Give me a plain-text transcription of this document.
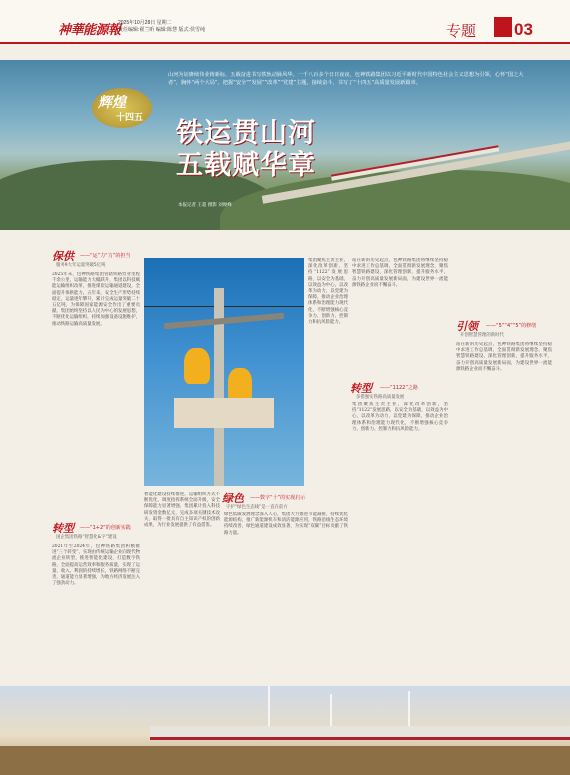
神華能源報
2025年10月28日 星期二
责任编辑:翟兰昕 编辑:陈慧 版式:侯雪纯	专题 03
辉煌
十四五
山河为证赓续伟业铸新标，五载奋进书写铁轨动脉风华。一千八百多个日日夜夜，包神铁路集团以习近平新时代中国特色社会主义思想为引领，心怀“国之大者”，胸怀“两个大局”，把握“安全”“发展”“改革”“党建”主题，接续奋斗，书写了“十四五”高质量发展新篇章。
铁运贯山河
五载赋华章
本报记者 王超 摄影 刘俊峰
保供 ——“运”力“力”的担当
服务9大年运量突破5亿吨
转型 ——“1+2”的创新实践
国企集团铁路“智慧化&字”建设
绿色 ——数字“十”的实现启示
守护“绿色生态线”是一直在前方
转型 ——“1122”之路
多措强实铁路高质量发展
引领 ——“5”“4”“5”的修缮
开创智慧管理的新时代
2025年末，包神铁路集团管辖铁路营业里程千余公里，运输能力大幅跃升，集团以科技赋能运输组织改革，推进煤炭运输通道建设，全面提升保供能力。五年来，安全生产形势持续稳定，运量逐年攀升，累计完成运量突破二十五亿吨，为保障国家能源安全作出了重要贡献。集团始终坚持以人民为中心的发展思想，不断优化运输组织，持续加强设备设施维护，推动铁路运输高质量发展。
2021年至2024年，包神铁路集团积极推进“三个转变”，实现由传统运输企业向现代物流企业转型，推进智能化建设，打造数字铁路，全面提高运营效率和服务质量，实现了运量、收入、利润的持续增长，铁路网络不断完善，通道能力显著增强，为地方经济发展注入了强劲动力。
智能化建设持续推进，运输组织方式不断优化，调度指挥系统全面升级，安全保障能力显著增强，集团累计投入科技研发资金数亿元，完成多项关键技术攻关，取得一批具有自主知识产权的创新成果，为行业发展提供了有益借鉴。
绿色低碳发展理念深入人心，集团大力推进节能减排，持续优化能源结构，推广新能源机车和清洁能源应用，铁路沿线生态环境持续改善，绿色通道建设成效显著，为实现“双碳”目标贡献了铁路力量。
集团聚焦主责主业，深化改革创新，坚持“1122”发展思路，以安全为基础，以效益为中心，以改革为动力，以党建为保障，推动企业治理体系和治理能力现代化，不断增强核心竞争力、创新力、控制力和抗风险能力。
集团聚焦主责主业，深化改革创新，坚持“1122”发展思路，以安全为基础，以效益为中心，以改革为动力，以党建为保障，推动企业治理体系和治理能力现代化，不断增强核心竞争力、创新力、控制力和抗风险能力。
站在新的历史起点，包神铁路集团将继续坚持稳中求进工作总基调，全面贯彻新发展理念，聚焦智慧铁路建设，深化管理创新，提升服务水平，奋力开创高质量发展新局面，为建设世界一流能源铁路企业而不懈奋斗。
站在新的历史起点，包神铁路集团将继续坚持稳中求进工作总基调，全面贯彻新发展理念，聚焦智慧铁路建设，深化管理创新，提升服务水平，奋力开创高质量发展新局面，为建设世界一流能源铁路企业而不懈奋斗。
